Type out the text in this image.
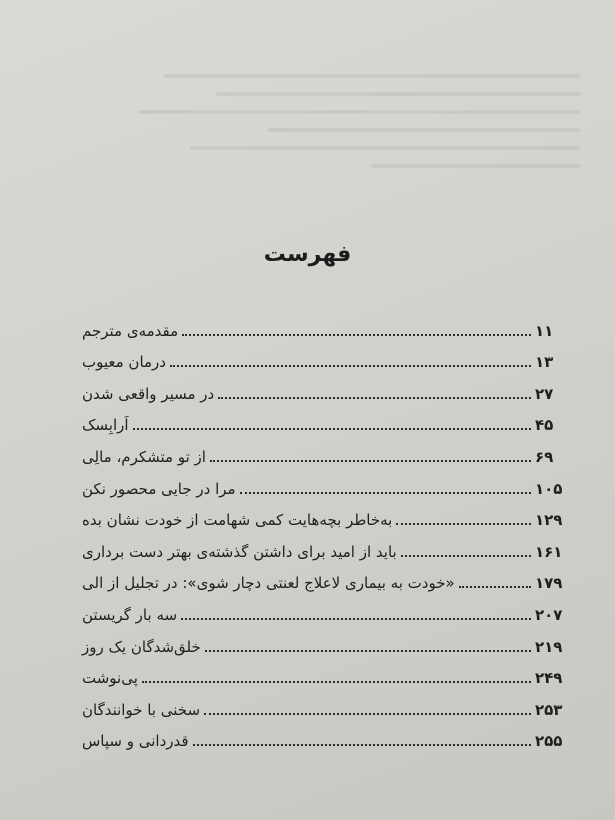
فهرست
مقدمه‌ی مترجم	۱۱
درمان معیوب	۱۳
در مسیر واقعی شدن	۲۷
اَرابِسک	۴۵
از تو متشکرم، مالِی	۶۹
مرا در جایی محصور نکن	۱۰۵
به‌خاطر بچه‌هایت کمی شهامت از خودت نشان بده	۱۲۹
باید از امید برای داشتن گذشته‌ی بهتر دست برداری	۱۶۱
«خودت به بیماری لاعلاج لعنتی دچار شوی»: در تجلیل از الی	۱۷۹
سه بار گریستن	۲۰۷
خلق‌شدگان یک روز	۲۱۹
پی‌نوشت	۲۴۹
سخنی با خوانندگان	۲۵۳
قدردانی و سپاس	۲۵۵
